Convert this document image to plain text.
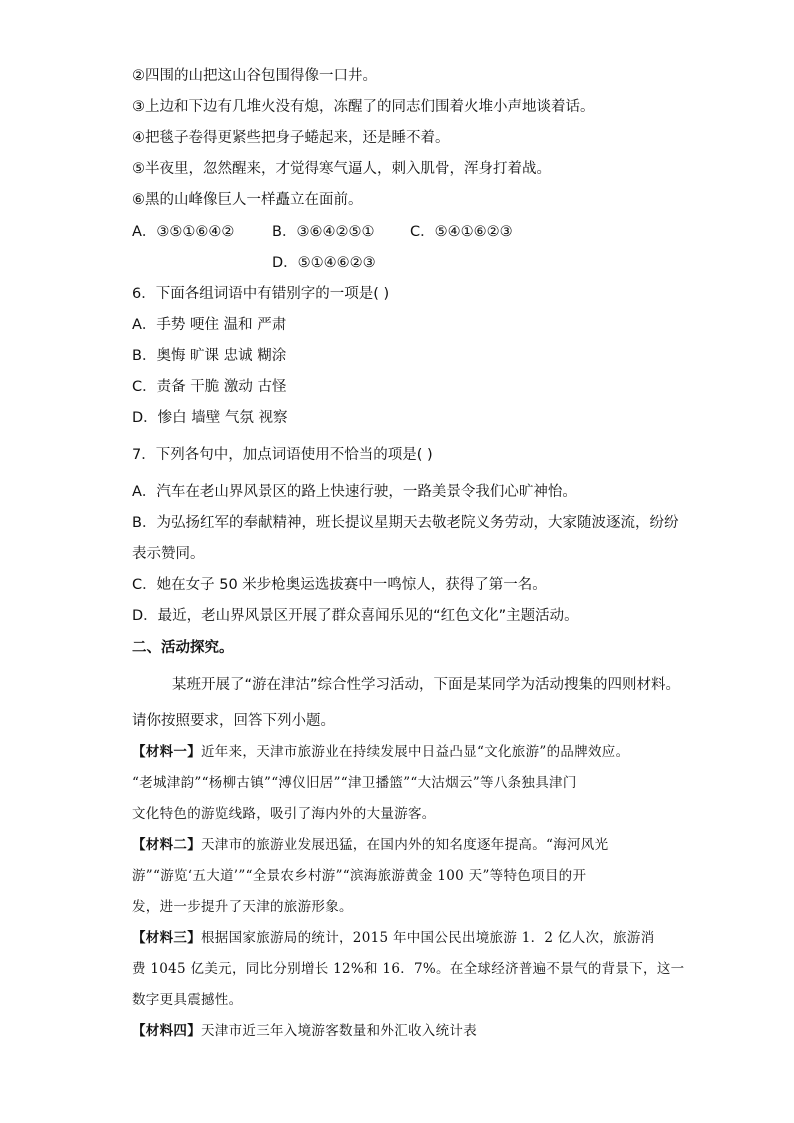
②四围的山把这山谷包围得像一口井。
③上边和下边有几堆火没有熄，冻醒了的同志们围着火堆小声地谈着话。
④把毯子卷得更紧些把身子蜷起来，还是睡不着。
⑤半夜里，忽然醒来，才觉得寒气逼人，刺入肌骨，浑身打着战。
⑥黑的山峰像巨人一样矗立在面前。
A．③⑤①⑥④②	B．③⑥④②⑤① C．⑤④①⑥②③
D．⑤①④⑥②③
6．下面各组词语中有错别字的一项是( )
A．手势 哽住 温和 严肃
B．奥悔 旷课 忠诚 糊涂
C．责备 干脆 激动 古怪
D．惨白 墙壁 气氛 视察
7．下列各句中，加点词语使用不恰当的项是( )
A．汽车在老山界风景区的路上快速行驶，一路美景令我们心旷神怡。
B．为弘扬红军的奉献精神，班长提议星期天去敬老院义务劳动，大家随波逐流，纷纷
表示赞同。
C．她在女子 50 米步枪奥运选拔赛中一鸣惊人，获得了第一名。
D．最近，老山界风景区开展了群众喜闻乐见的“红色文化”主题活动。
二、活动探究。
某班开展了“游在津沽”综合性学习活动，下面是某同学为活动搜集的四则材料。
请你按照要求，回答下列小题。
【材料一】近年来，天津市旅游业在持续发展中日益凸显“文化旅游”的品牌效应。
“老城津韵”“杨柳古镇”“溥仪旧居”“津卫播篮”“大沽烟云”等八条独具津门
文化特色的游览线路，吸引了海内外的大量游客。
【材料二】天津市的旅游业发展迅猛，在国内外的知名度逐年提高。“海河风光
游”“游览‘五大道’”“全景农乡村游”“滨海旅游黄金 100 天”等特色项目的开
发，进一步提升了天津的旅游形象。
【材料三】根据国家旅游局的统计，2015 年中国公民出境旅游 1．2 亿人次，旅游消
费 1045 亿美元，同比分别增长 12%和 16．7%。在全球经济普遍不景气的背景下，这一
数字更具震撼性。
【材料四】天津市近三年入境游客数量和外汇收入统计表
